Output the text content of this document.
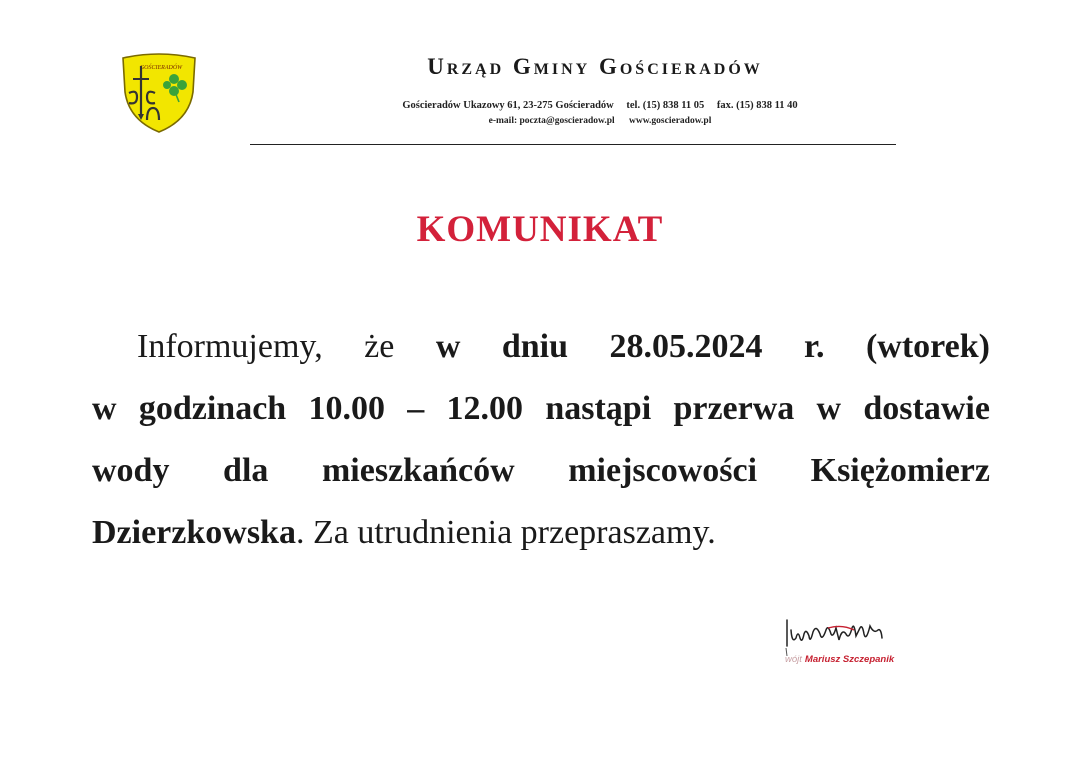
GOŚCIERADÓW	Urząd Gminy Gościeradów
Gościeradów Ukazowy 61, 23-275 Gościeradów tel. (15) 838 11 05 fax. (15) 838 11 40
e-mail: poczta@goscieradow.pl www.goscieradow.pl
KOMUNIKAT
Informujemy, że w dniu 28.05.2024 r. (wtorek)
w godzinach 10.00 – 12.00 nastąpi przerwa w dostawie
wody dla mieszkańców miejscowości Księżomierz
Dzierzkowska . Za utrudnienia przepraszamy.
wójt Mariusz Szczepanik
